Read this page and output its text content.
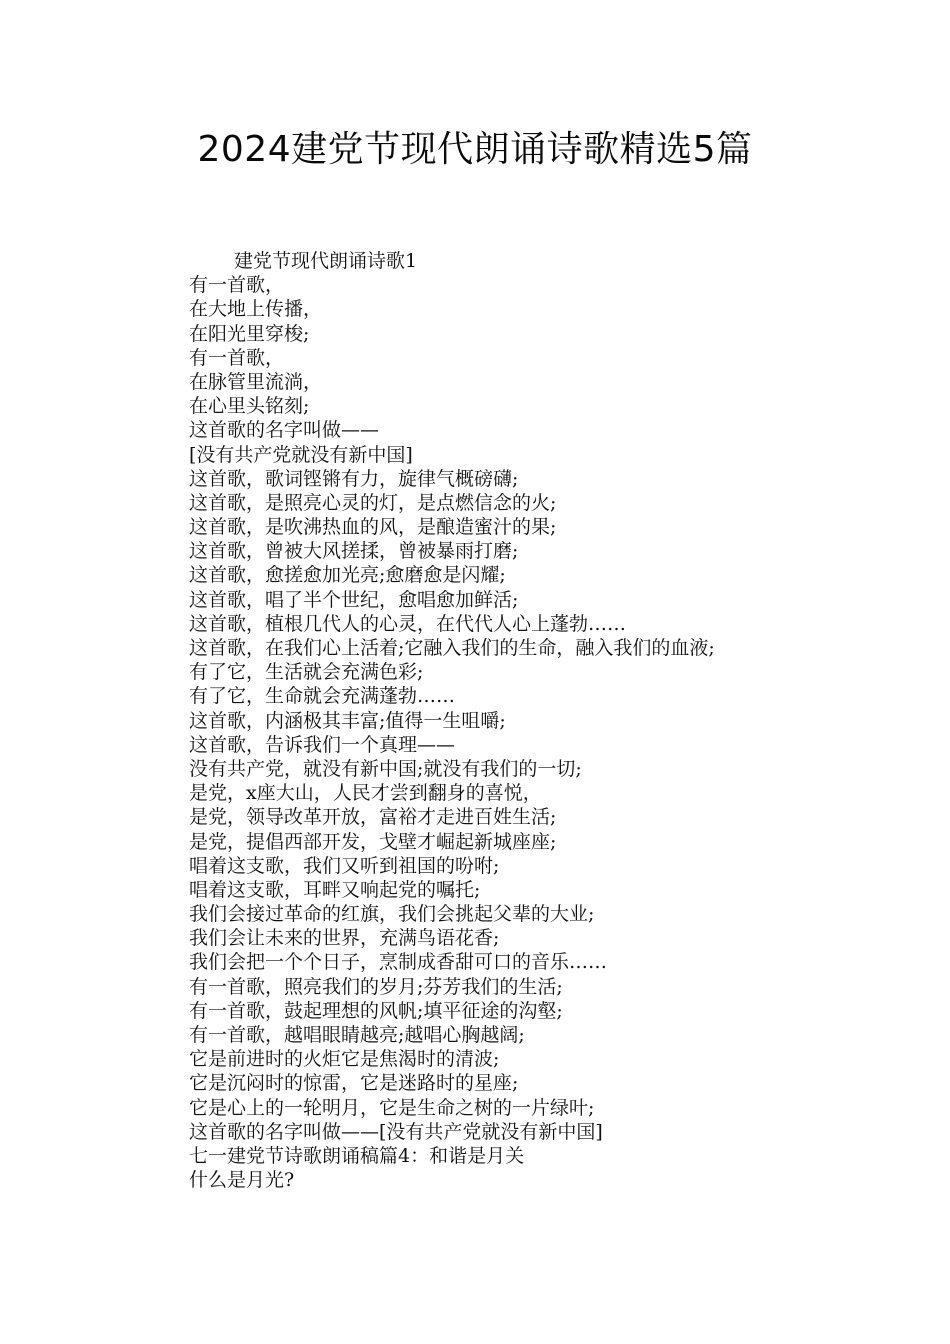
2024建党节现代朗诵诗歌精选5篇
建党节现代朗诵诗歌1
有一首歌，
在大地上传播，
在阳光里穿梭;
有一首歌，
在脉管里流淌，
在心里头铭刻;
这首歌的名字叫做——
[没有共产党就没有新中国]
这首歌，歌词铿锵有力，旋律气概磅礴;
这首歌，是照亮心灵的灯，是点燃信念的火;
这首歌，是吹沸热血的风，是酿造蜜汁的果;
这首歌，曾被大风搓揉，曾被暴雨打磨;
这首歌，愈搓愈加光亮;愈磨愈是闪耀;
这首歌，唱了半个世纪，愈唱愈加鲜活;
这首歌，植根几代人的心灵，在代代人心上蓬勃……
这首歌，在我们心上活着;它融入我们的生命，融入我们的血液;
有了它，生活就会充满色彩;
有了它，生命就会充满蓬勃……
这首歌，内涵极其丰富;值得一生咀嚼;
这首歌，告诉我们一个真理——
没有共产党，就没有新中国;就没有我们的一切;
是党，x座大山，人民才尝到翻身的喜悦，
是党，领导改革开放，富裕才走进百姓生活;
是党，提倡西部开发，戈壁才崛起新城座座;
唱着这支歌，我们又听到祖国的吩咐;
唱着这支歌，耳畔又响起党的嘱托;
我们会接过革命的红旗，我们会挑起父辈的大业;
我们会让未来的世界，充满鸟语花香;
我们会把一个个日子，烹制成香甜可口的音乐……
有一首歌，照亮我们的岁月;芬芳我们的生活;
有一首歌，鼓起理想的风帆;填平征途的沟壑;
有一首歌，越唱眼睛越亮;越唱心胸越阔;
它是前进时的火炬它是焦渴时的清波;
它是沉闷时的惊雷，它是迷路时的星座;
它是心上的一轮明月，它是生命之树的一片绿叶;
这首歌的名字叫做——[没有共产党就没有新中国]
七一建党节诗歌朗诵稿篇4：和谐是月关
什么是月光?
